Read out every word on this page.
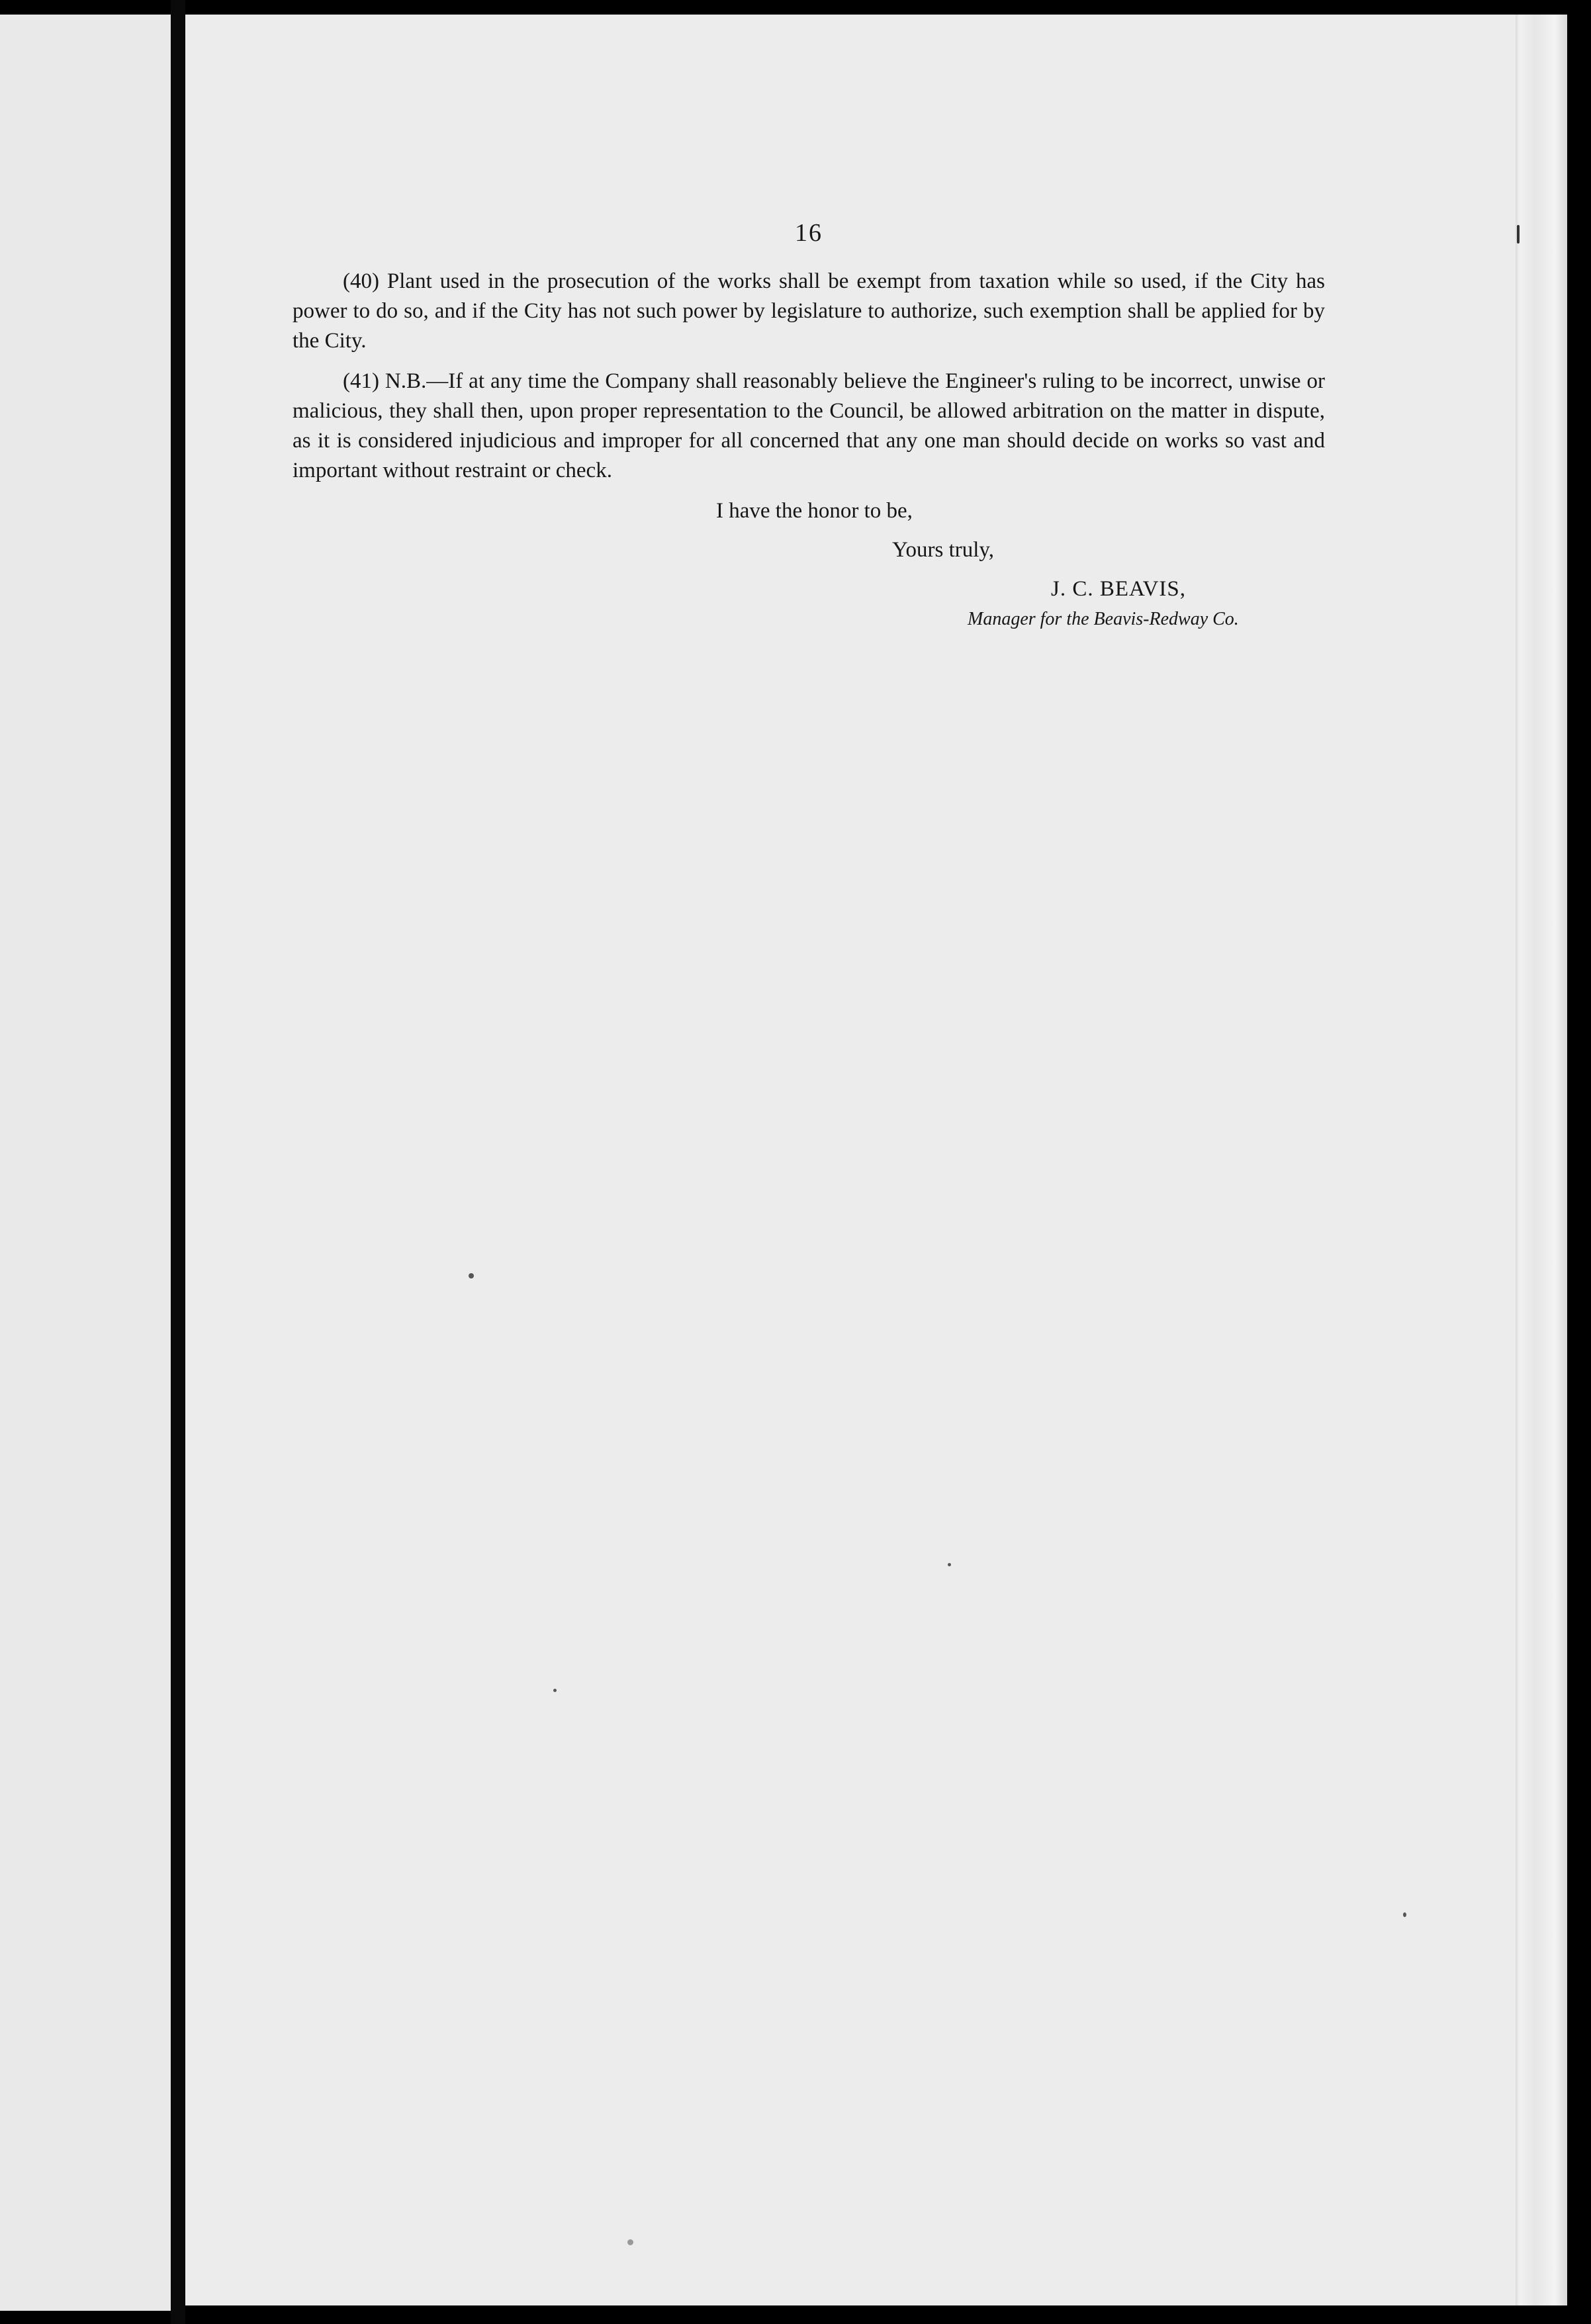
16

(40) Plant used in the prosecution of the works shall be exempt from taxation while so used, if the City has power to do so, and if the City has not such power by legislature to authorize, such exemption shall be applied for by the City.

(41) N.B.—If at any time the Company shall reasonably believe the Engineer's ruling to be incorrect, unwise or malicious, they shall then, upon proper representation to the Council, be allowed arbitration on the matter in dispute, as it is considered injudicious and improper for all concerned that any one man should decide on works so vast and important without restraint or check.

I have the honor to be,
Yours truly,
J. C. BEAVIS,
Manager for the Beavis-Redway Co.
